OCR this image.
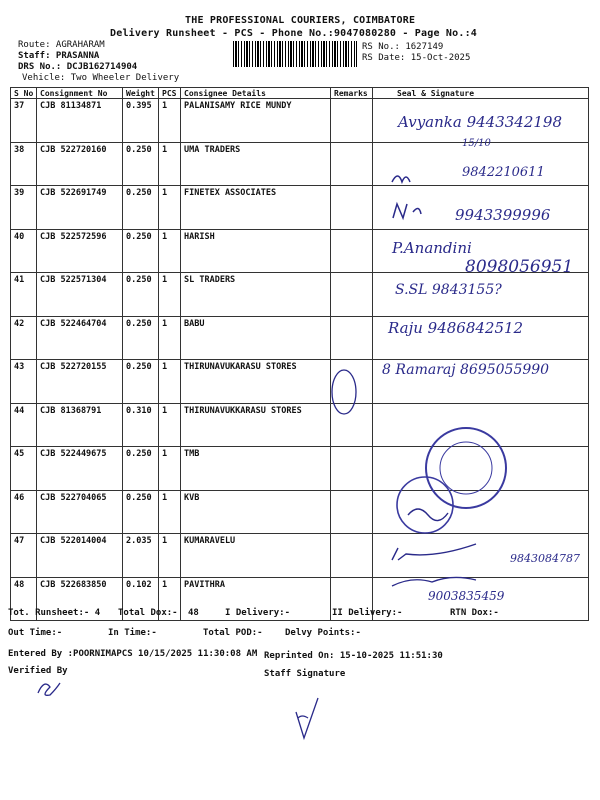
THE PROFESSIONAL COURIERS, COIMBATORE
Delivery Runsheet - PCS - Phone No.:9047080280 - Page No.:4
Route: AGRAHARAM
Staff: PRASANNA
DRS No.: DCJB162714904
Vehicle: Two Wheeler Delivery
RS No.: 1627149
RS Date: 15-Oct-2025
S No	Consignment No	Weight	PCS	Consignee Details	Remarks	Seal & Signature
37	CJB 81134871	0.395	1	PALANISAMY RICE MUNDY		
38	CJB 522720160	0.250	1	UMA TRADERS		
39	CJB 522691749	0.250	1	FINETEX ASSOCIATES		
40	CJB 522572596	0.250	1	HARISH		
41	CJB 522571304	0.250	1	SL TRADERS		
42	CJB 522464704	0.250	1	BABU		
43	CJB 522720155	0.250	1	THIRUNAVUKARASU STORES		
44	CJB 81368791	0.310	1	THIRUNAVUKKARASU STORES		
45	CJB 522449675	0.250	1	TMB		
46	CJB 522704065	0.250	1	KVB		
47	CJB 522014004	2.035	1	KUMARAVELU		
48	CJB 522683850	0.102	1	PAVITHRA		
Avyanka 9443342198
15/10
9842210611
9943399996
P.Anandini
8098056951
S.SL 9843155?
Raju 9486842512
8 Ramaraj 8695055990
9843084787
9003835459
Tot. Runsheet:- 4 Total Dox:- 48	I Delivery:-	II Delivery:-	RTN Dox:-
Out Time:-	In Time:-	Total POD:- Delvy Points:-
Entered By :POORNIMAPCS 10/15/2025 11:30:08 AM Reprinted On: 15-10-2025 11:51:30
Verified By	Staff Signature
